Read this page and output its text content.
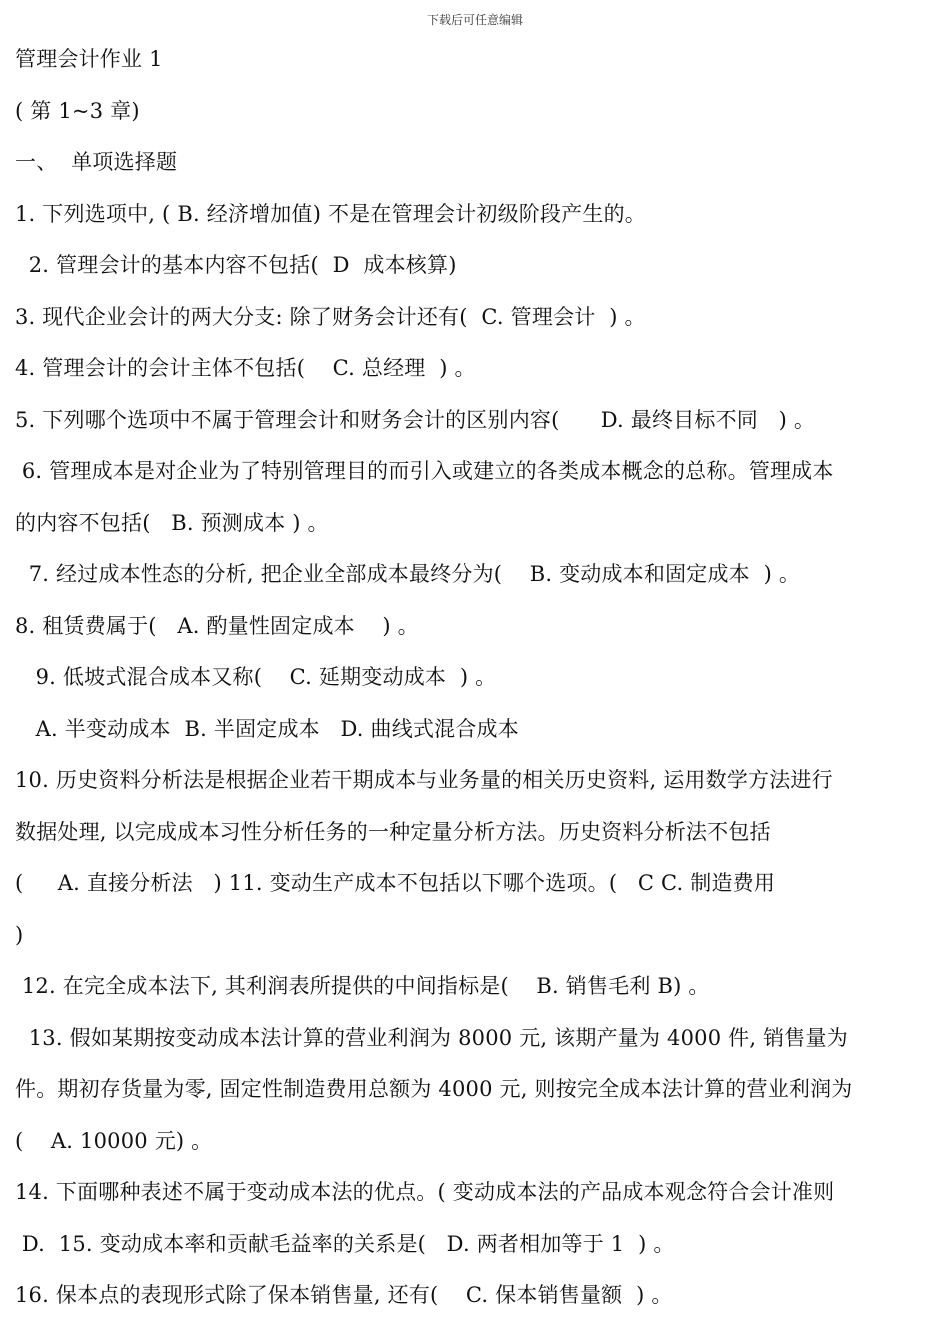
下载后可任意编辑
管理会计作业 1
( 第 1~3 章)
一、  单项选择题
1. 下列选项中, ( B. 经济增加值) 不是在管理会计初级阶段产生的。
2. 管理会计的基本内容不包括(  D  成本核算)
3. 现代企业会计的两大分支: 除了财务会计还有(  C. 管理会计  ) 。
4. 管理会计的会计主体不包括(    C. 总经理  ) 。
5. 下列哪个选项中不属于管理会计和财务会计的区别内容(      D. 最终目标不同   ) 。
6. 管理成本是对企业为了特别管理目的而引入或建立的各类成本概念的总称。管理成本
的内容不包括(   B. 预测成本 ) 。
7. 经过成本性态的分析, 把企业全部成本最终分为(    B. 变动成本和固定成本  ) 。
8. 租赁费属于(   A. 酌量性固定成本    ) 。
9. 低坡式混合成本又称(    C. 延期变动成本  ) 。
A. 半变动成本  B. 半固定成本   D. 曲线式混合成本
10. 历史资料分析法是根据企业若干期成本与业务量的相关历史资料, 运用数学方法进行
数据处理, 以完成成本习性分析任务的一种定量分析方法。历史资料分析法不包括
(     A. 直接分析法   ) 11. 变动生产成本不包括以下哪个选项。(   C C. 制造费用
)
12. 在完全成本法下, 其利润表所提供的中间指标是(    B. 销售毛利 B) 。
13. 假如某期按变动成本法计算的营业利润为 8000 元, 该期产量为 4000 件, 销售量为
件。期初存货量为零, 固定性制造费用总额为 4000 元, 则按完全成本法计算的营业利润为
(    A. 10000 元) 。
14. 下面哪种表述不属于变动成本法的优点。( 变动成本法的产品成本观念符合会计准则
D.  15. 变动成本率和贡献毛益率的关系是(   D. 两者相加等于 1  ) 。
16. 保本点的表现形式除了保本销售量, 还有(    C. 保本销售量额  ) 。
